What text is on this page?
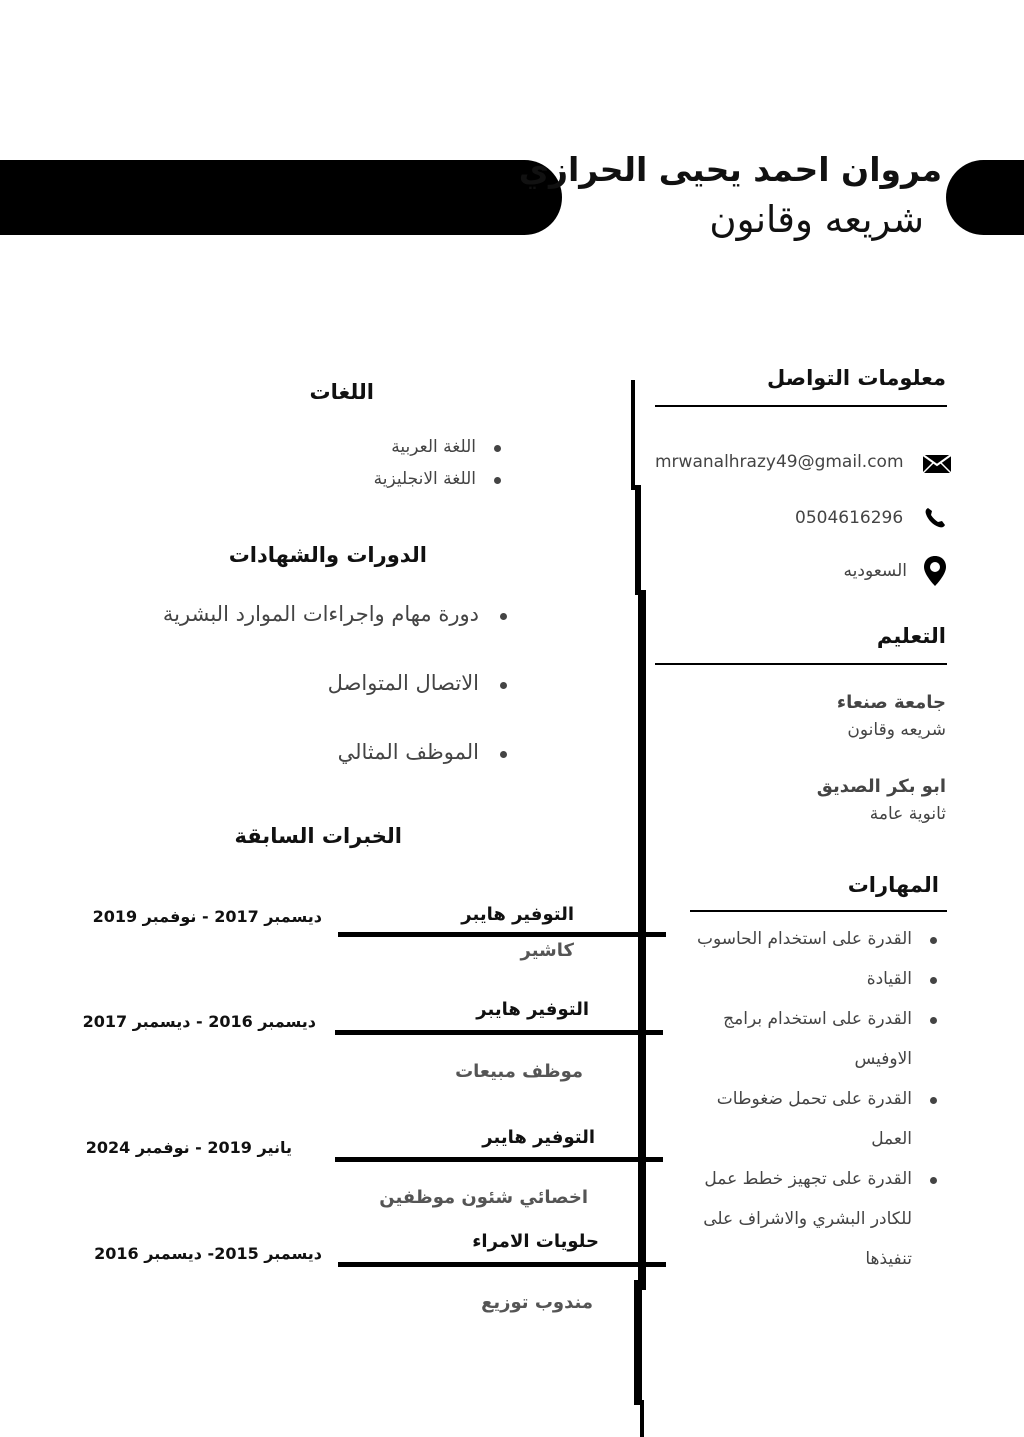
مروان احمد يحيى الحرازي
شريعه وقانون
معلومات التواصل
mrwanalhrazy49@gmail.com
0504616296
السعوديه
التعليم
جامعة صنعاء
شريعه وقانون
ابو بكر الصديق
ثانوية عامة
المهارات
القدرة على استخدام الحاسوب
القيادة
القدرة على استخدام برامج
الاوفيس
القدرة على تحمل ضغوطات
العمل
القدرة على تجهيز خطط عمل
للكادر البشري والاشراف على
تنفيذها
اللغات
اللغة العربية
اللغة الانجليزية
الدورات والشهادات
دورة مهام واجراءات الموارد البشرية
الاتصال المتواصل
الموظف المثالي
الخبرات السابقة
التوفير هايبر
ديسمبر 2017 - نوفمبر 2019
كاشير
التوفير هايبر
ديسمبر 2016 - ديسمبر 2017
موظف مبيعات
التوفير هايبر
يانير 2019 - نوفمبر 2024
اخصائي شئون موظفين
حلويات الامراء
ديسمبر 2015- ديسمبر 2016
مندوب توزيع
